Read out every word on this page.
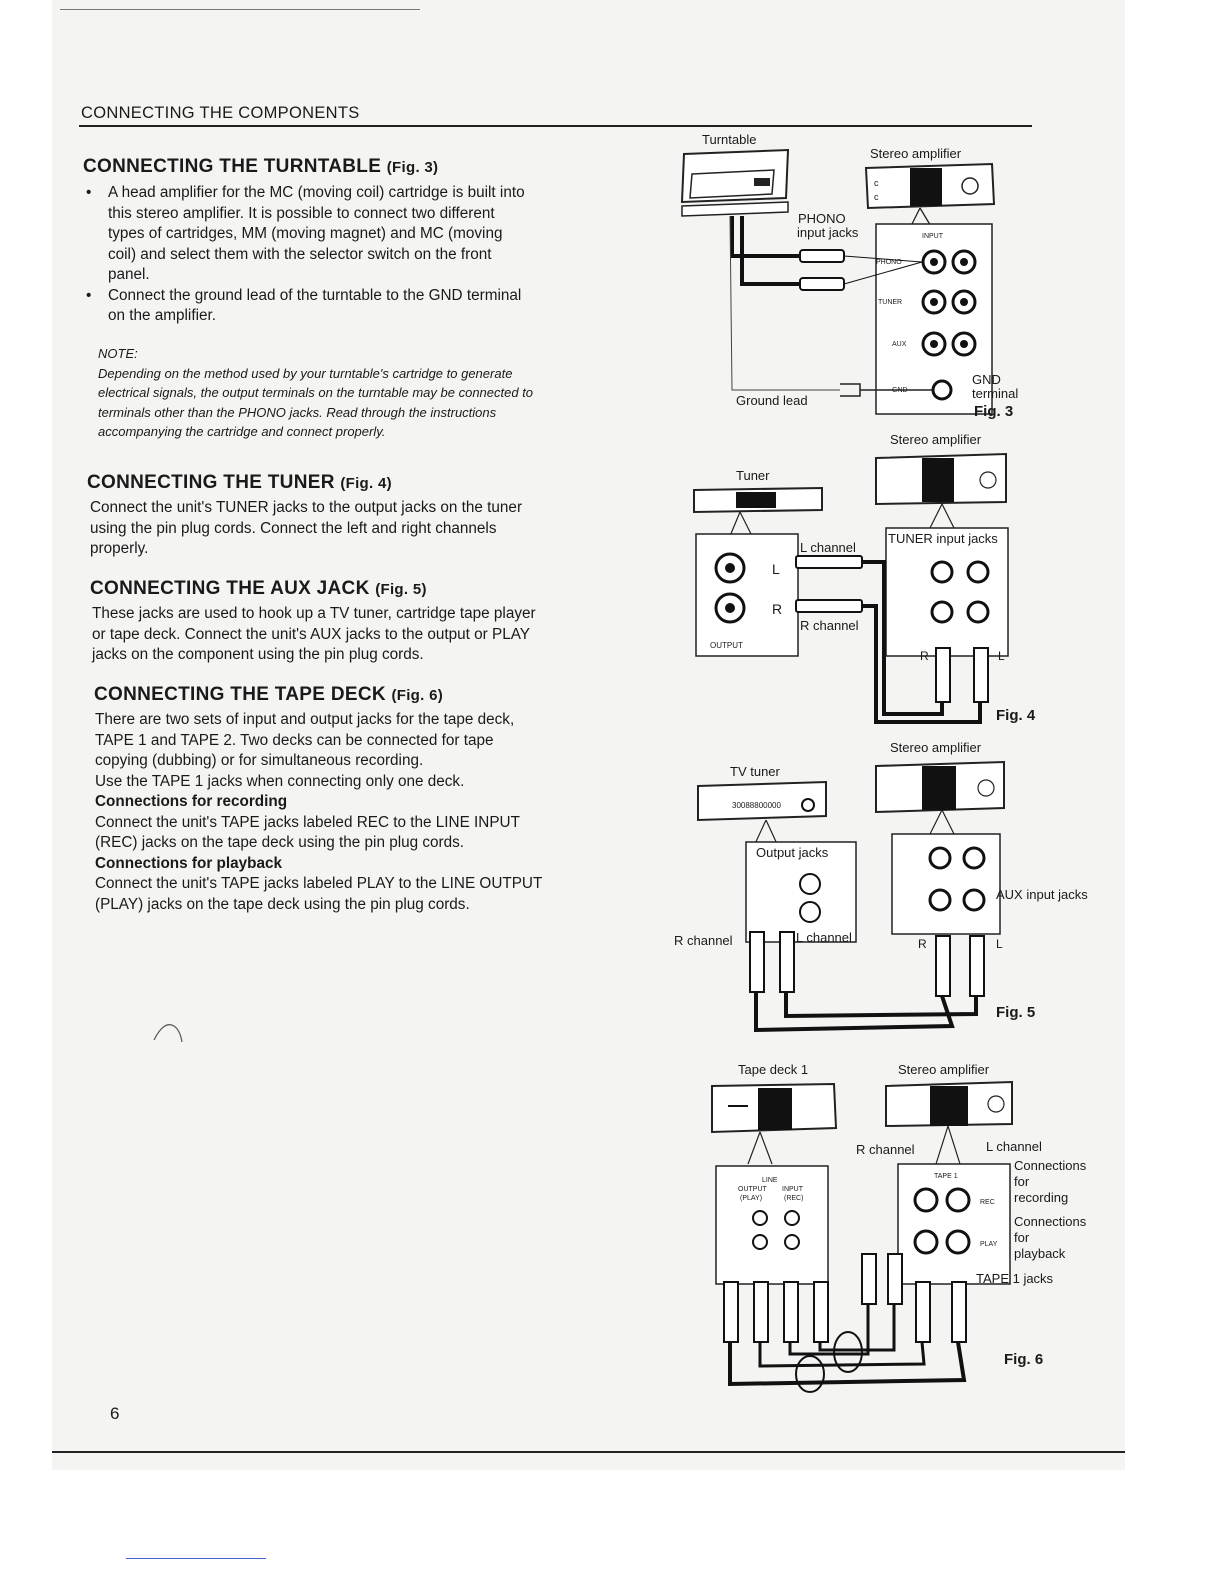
CONNECTING THE COMPONENTS
CONNECTING THE TURNTABLE (Fig. 3)
• A head amplifier for the MC (moving coil) cartridge is built into this stereo amplifier. It is possible to connect two different types of cartridges, MM (moving magnet) and MC (moving coil) and select them with the selector switch on the front panel.
• Connect the ground lead of the turntable to the GND terminal on the amplifier.
NOTE:
Depending on the method used by your turntable's cartridge to generate electrical signals, the output terminals on the turntable may be connected to terminals other than the PHONO jacks. Read through the instructions accompanying the cartridge and connect properly.
CONNECTING THE TUNER (Fig. 4)
Connect the unit's TUNER jacks to the output jacks on the tuner using the pin plug cords. Connect the left and right channels properly.
CONNECTING THE AUX JACK (Fig. 5)
These jacks are used to hook up a TV tuner, cartridge tape player or tape deck. Connect the unit's AUX jacks to the output or PLAY jacks on the component using the pin plug cords.
CONNECTING THE TAPE DECK (Fig. 6)

There are two sets of input and output jacks for the tape deck, TAPE 1 and TAPE 2. Two decks can be connected for tape copying (dubbing) or for simultaneous recording.

Use the TAPE 1 jacks when connecting only one deck.

Connections for recording

Connect the unit's TAPE jacks labeled REC to the LINE INPUT (REC) jacks on the tape deck using the pin plug cords.

Connections for playback

Connect the unit's TAPE jacks labeled PLAY to the LINE OUTPUT (PLAY) jacks on the tape deck using the pin plug cords.

6
Turntable
Stereo amplifier
c
c
PHONO
input jacks	INPUT
PHONO
TUNER
AUX
GND
Ground lead
GND
terminal
Fig. 3
Stereo amplifier
Tuner
OUTPUT
L
R
L channel
R channel
TUNER input jacks
R	L
Fig. 4
Stereo amplifier
TV tuner
30088800000
Output jacks
AUX input jacks
R channel	L channel	R	L
Fig. 5
Tape deck 1	Stereo amplifier
R channel	L channel
LINE
OUTPUT INPUT
(PLAY)	(REC)
TAPE 1
REC
PLAY
Connections
for
recording
Connections
for
playback
TAPE 1 jacks
Fig. 6
